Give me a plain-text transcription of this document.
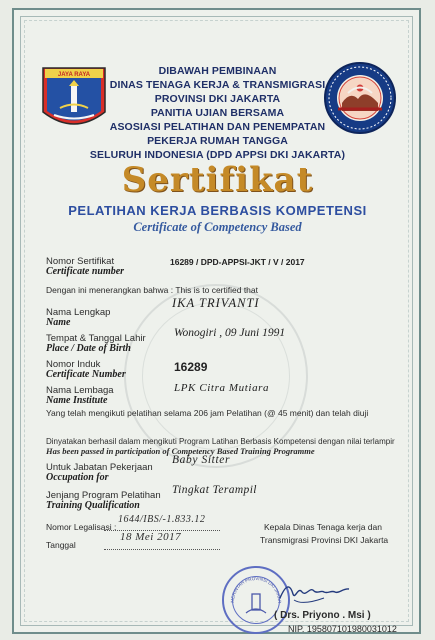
JAYA RAYA	DIBAWAH PEMBINAAN
DINAS TENAGA KERJA & TRANSMIGRASI
PROVINSI DKI JAKARTA
PANITIA UJIAN BERSAMA
ASOSIASI PELATIHAN DAN PENEMPATAN
PEKERJA RUMAH TANGGA
SELURUH INDONESIA (DPD APPSI DKI JAKARTA)
Sertifikat
PELATIHAN KERJA BERBASIS KOMPETENSI
Certificate of Competency Based
Nomor Sertifikat
Certificate number
16289 / DPD-APPSI-JKT / V / 2017
Dengan ini menerangkan bahwa : This is to certified that
Nama Lengkap
Name
IKA TRIVANTI
Tempat & Tanggal Lahir
Place / Date of Birth
Wonogiri , 09 Juni 1991
Nomor Induk
Certificate Number
16289
Nama Lembaga
Name Institute
LPK Citra Mutiara
Yang telah mengikuti pelatihan selama 206 jam Pelatihan (@ 45 menit) dan telah diuji
Dinyatakan berhasil dalam mengikuti Program Latihan Berbasis Kompetensi dengan nilai terlampir
Has been passed in participation of Competency Based Training Programme
Untuk Jabatan Pekerjaan
Occupation for
Baby Sitter
Jenjang Program Pelatihan
Training Qualification
Tingkat Terampil
Nomor Legalisasi :
1644/IBS/-1.833.12
Tanggal
18 Mei 2017
Kepala Dinas Tenaga kerja dan
Transmigrasi Provinsi DKI Jakarta
MERINTAH PROVINSI DKI JAKAR
( Drs. Priyono . Msi )
NIP. 195807101980031012
